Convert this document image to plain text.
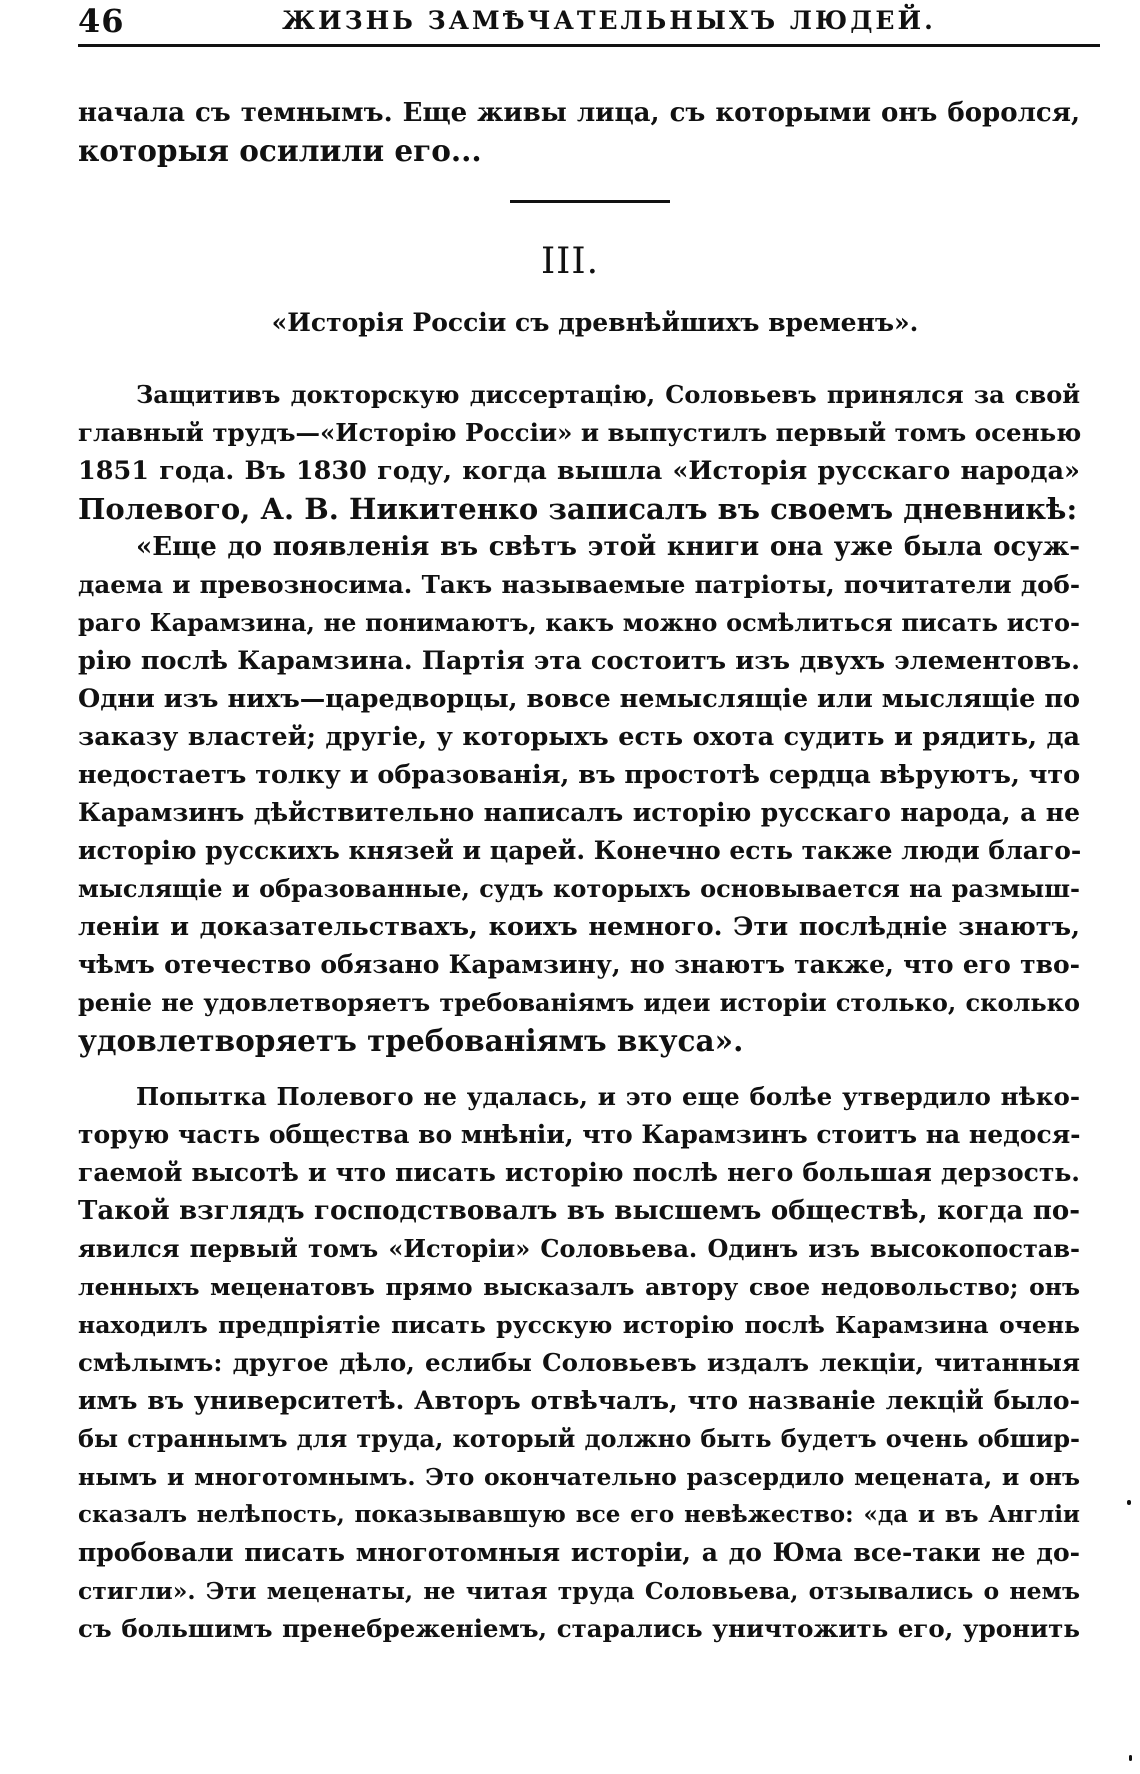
46	ЖИЗНЬ ЗАМѢЧАТЕЛЬНЫХЪ ЛЮДЕЙ.
начала съ темнымъ. Еще живы лица, съ которыми онъ боролся,
которыя осилили его...
III.
«Исторія Россіи съ древнѣйшихъ временъ».
Защитивъ докторскую диссертацію, Соловьевъ принялся за свой
главный трудъ—«Исторію Россіи» и выпустилъ первый томъ осенью
1851 года. Въ 1830 году, когда вышла «Исторія русскаго народа»
Полевого, А. В. Никитенко записалъ въ своемъ дневникѣ:
«Еще до появленія въ свѣтъ этой книги она уже была осуж-
даема и превозносима. Такъ называемые патріоты, почитатели доб-
раго Карамзина, не понимаютъ, какъ можно осмѣлиться писать исто-
рію послѣ Карамзина. Партія эта состоитъ изъ двухъ элементовъ.
Одни изъ нихъ—царедворцы, вовсе немыслящіе или мыслящіе по
заказу властей; другіе, у которыхъ есть охота судить и рядить, да
недостаетъ толку и образованія, въ простотѣ сердца вѣруютъ, что
Карамзинъ дѣйствительно написалъ исторію русскаго народа, а не
исторію русскихъ князей и царей. Конечно есть также люди благо-
мыслящіе и образованные, судъ которыхъ основывается на размыш-
леніи и доказательствахъ, коихъ немного. Эти послѣдніе знаютъ,
чѣмъ отечество обязано Карамзину, но знаютъ также, что его тво-
реніе не удовлетворяетъ требованіямъ идеи исторіи столько, сколько
удовлетворяетъ требованіямъ вкуса».
Попытка Полевого не удалась, и это еще болѣе утвердило нѣко-
торую часть общества во мнѣніи, что Карамзинъ стоитъ на недося-
гаемой высотѣ и что писать исторію послѣ него большая дерзость.
Такой взглядъ господствовалъ въ высшемъ обществѣ, когда по-
явился первый томъ «Исторіи» Соловьева. Одинъ изъ высокопостав-
ленныхъ меценатовъ прямо высказалъ автору свое недовольство; онъ
находилъ предпріятіе писать русскую исторію послѣ Карамзина очень
смѣлымъ: другое дѣло, еслибы Соловьевъ издалъ лекціи, читанныя
имъ въ университетѣ. Авторъ отвѣчалъ, что названіе лекцій было-
бы страннымъ для труда, который должно быть будетъ очень обшир-
нымъ и многотомнымъ. Это окончательно разсердило мецената, и онъ
сказалъ нелѣпость, показывавшую все его невѣжество: «да и въ Англіи
пробовали писать многотомныя исторіи, а до Юма все-таки не до-
стигли». Эти меценаты, не читая труда Соловьева, отзывались о немъ
съ большимъ пренебреженіемъ, старались уничтожить его, уронить
